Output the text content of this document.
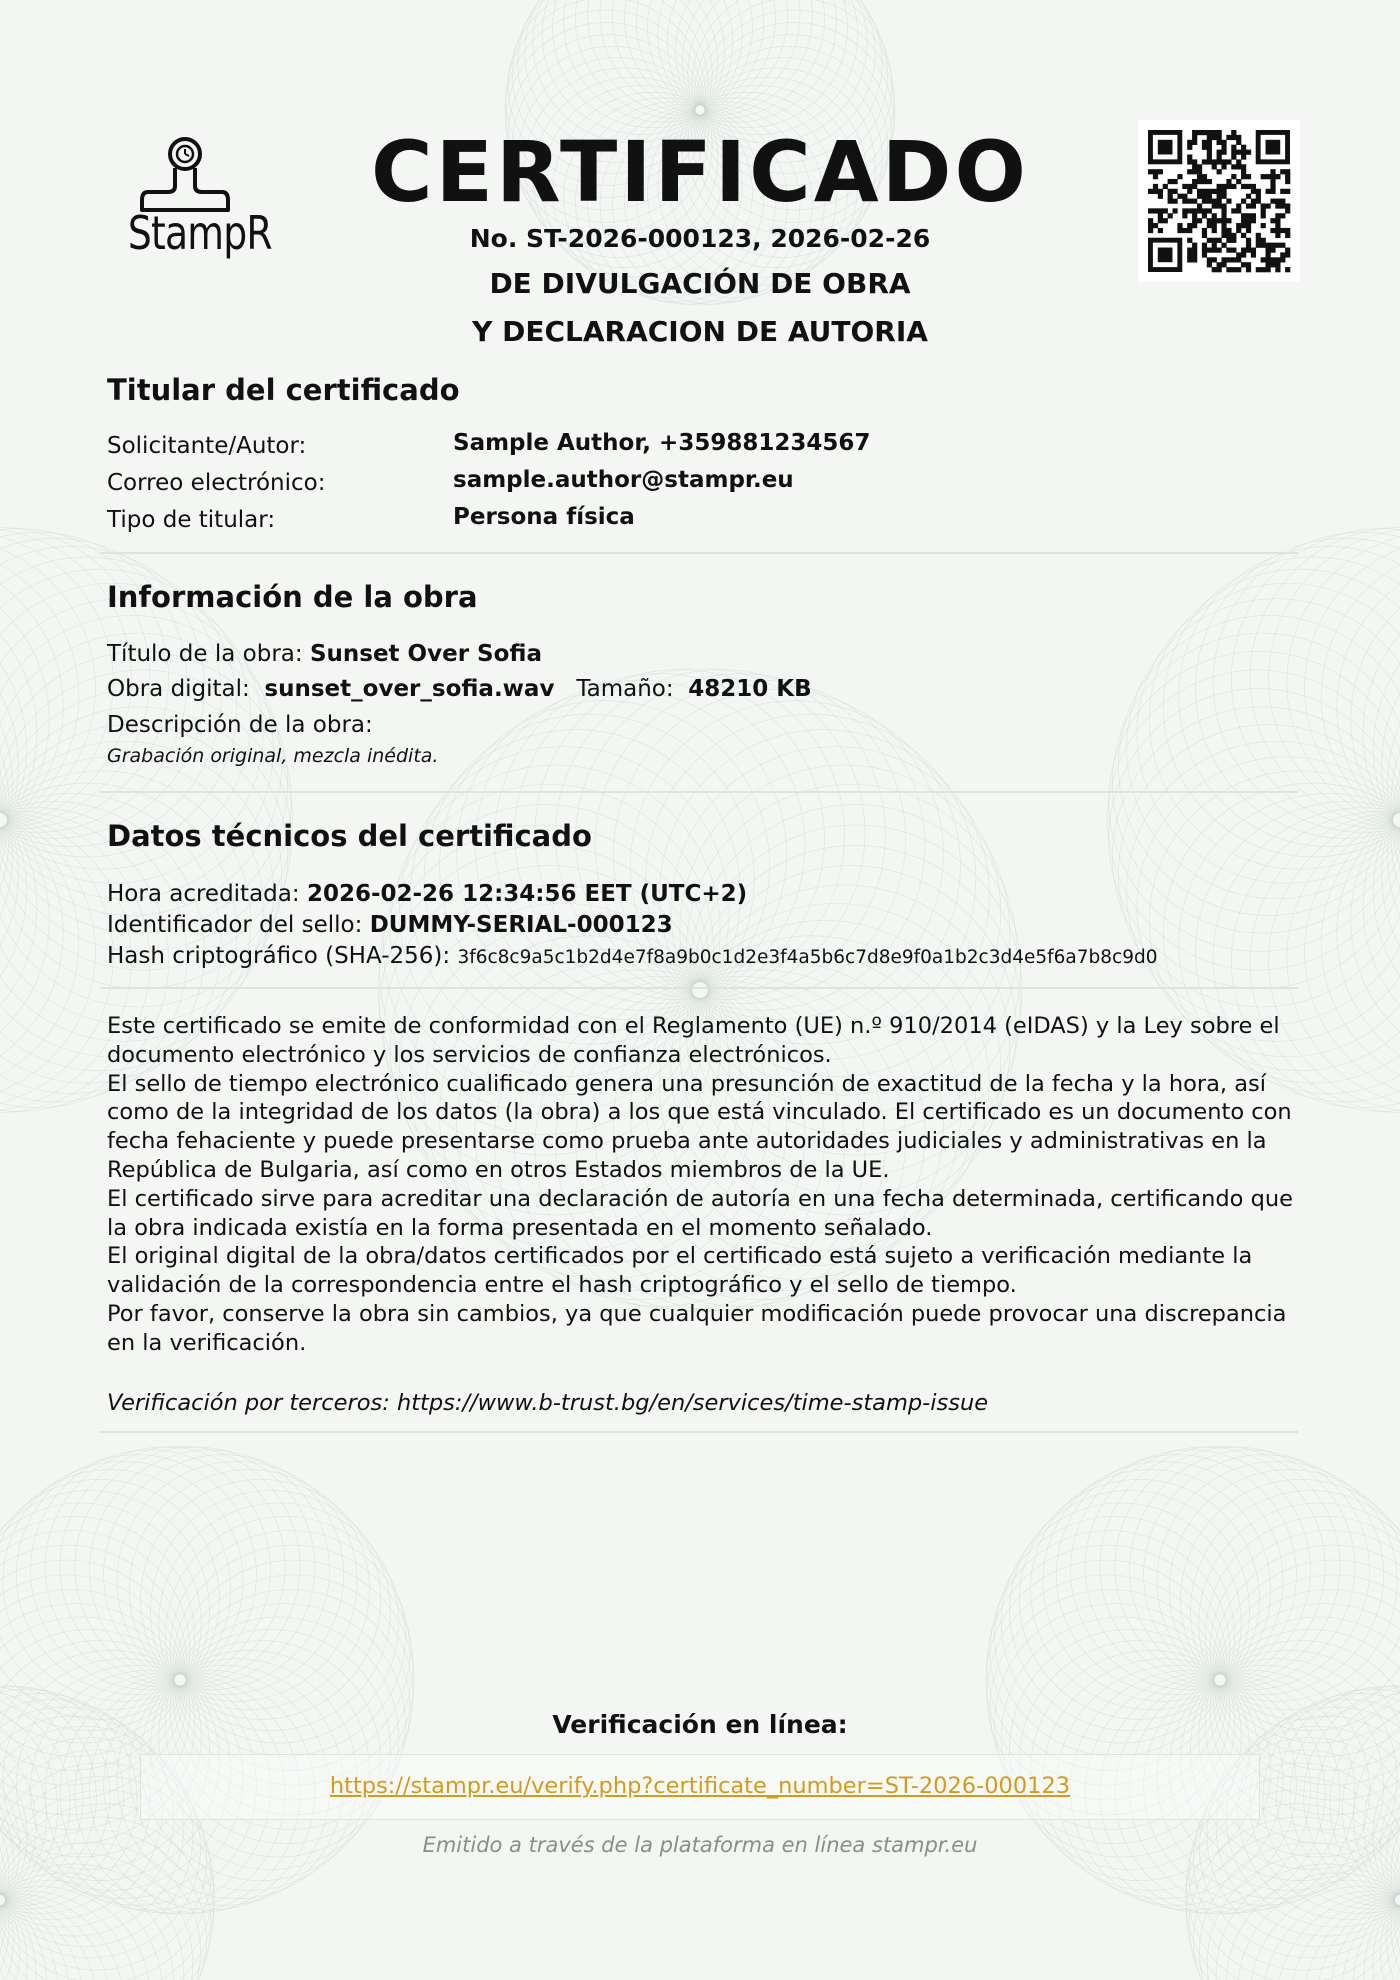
StampR
CERTIFICADO
No. ST-2026-000123, 2026-02-26
DE DIVULGACIÓN DE OBRA
Y DECLARACION DE AUTORIA
Titular del certificado
Solicitante/Autor:	Sample Author, +359881234567
Correo electrónico:	sample.author@stampr.eu
Tipo de titular:	Persona física
Información de la obra
Título de la obra: Sunset Over Sofia
Obra digital: sunset_over_sofia.wav Tamaño: 48210 KB
Descripción de la obra:
Grabación original, mezcla inédita.
Datos técnicos del certificado
Hora acreditada: 2026-02-26 12:34:56 EET (UTC+2)
Identificador del sello: DUMMY-SERIAL-000123
Hash criptográfico (SHA-256): 3f6c8c9a5c1b2d4e7f8a9b0c1d2e3f4a5b6c7d8e9f0a1b2c3d4e5f6a7b8c9d0

Este certificado se emite de conformidad con el Reglamento (UE) n.º 910/2014 (eIDAS) y la Ley sobre el documento electrónico y los servicios de confianza electrónicos.

El sello de tiempo electrónico cualificado genera una presunción de exactitud de la fecha y la hora, así como de la integridad de los datos (la obra) a los que está vinculado. El certificado es un documento con fecha fehaciente y puede presentarse como prueba ante autoridades judiciales y administrativas en la República de Bulgaria, así como en otros Estados miembros de la UE.

El certificado sirve para acreditar una declaración de autoría en una fecha determinada, certificando que la obra indicada existía en la forma presentada en el momento señalado.

El original digital de la obra/datos certificados por el certificado está sujeto a verificación mediante la validación de la correspondencia entre el hash criptográfico y el sello de tiempo.

Por favor, conserve la obra sin cambios, ya que cualquier modificación puede provocar una discrepancia en la verificación.

Verificación por terceros: https://www.b-trust.bg/en/services/time-stamp-issue
Verificación en línea:
https://stampr.eu/verify.php?certificate_number=ST-2026-000123
Emitido a través de la plataforma en línea stampr.eu
